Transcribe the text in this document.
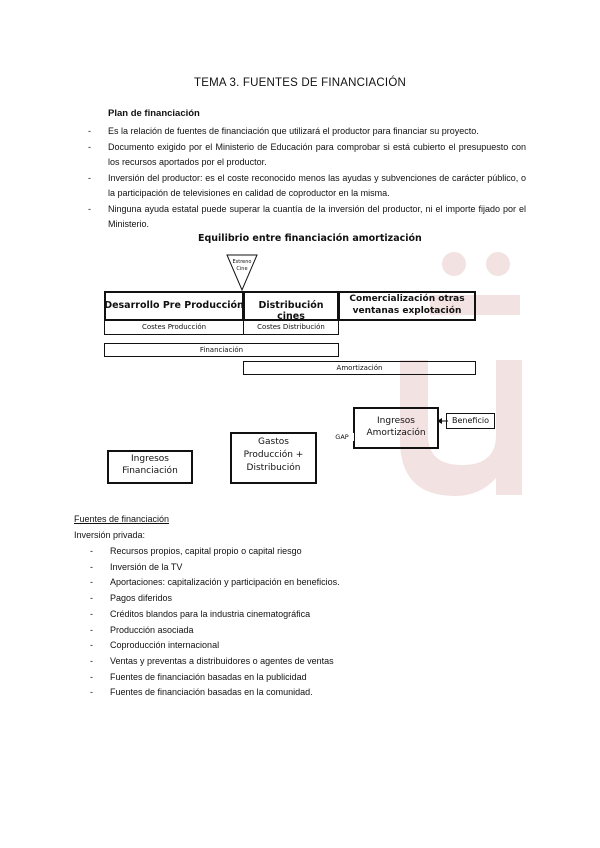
TEMA 3. FUENTES DE FINANCIACIÓN
Plan de financiación
- Es la relación de fuentes de financiación que utilizará el productor para financiar su proyecto.
- Documento exigido por el Ministerio de Educación para comprobar si está cubierto el presupuesto con los recursos aportados por el productor.
- Inversión del productor: es el coste reconocido menos las ayudas y subvenciones de carácter público, o la participación de televisiones en calidad de coproductor en la misma.
- Ninguna ayuda estatal puede superar la cuantía de la inversión del productor, ni el importe fijado por el Ministerio.
Equilibrio entre financiación amortización
Estreno
Cine
Desarrollo Pre Producción	Distribución cines
Comercialización otras
ventanas explotación
Costes Producción	Costes Distribución
Financiación
Amortización
Ingresos
Financiación
Gastos
Producción +
Distribución
Ingresos
Amortización
GAP
Beneficio
Fuentes de financiación
Inversión privada:
- Recursos propios, capital propio o capital riesgo
- Inversión de la TV
- Aportaciones: capitalización y participación en beneficios.
- Pagos diferidos
- Créditos blandos para la industria cinematográfica
- Producción asociada
- Coproducción internacional
- Ventas y preventas a distribuidores o agentes de ventas
- Fuentes de financiación basadas en la publicidad
- Fuentes de financiación basadas en la comunidad.
